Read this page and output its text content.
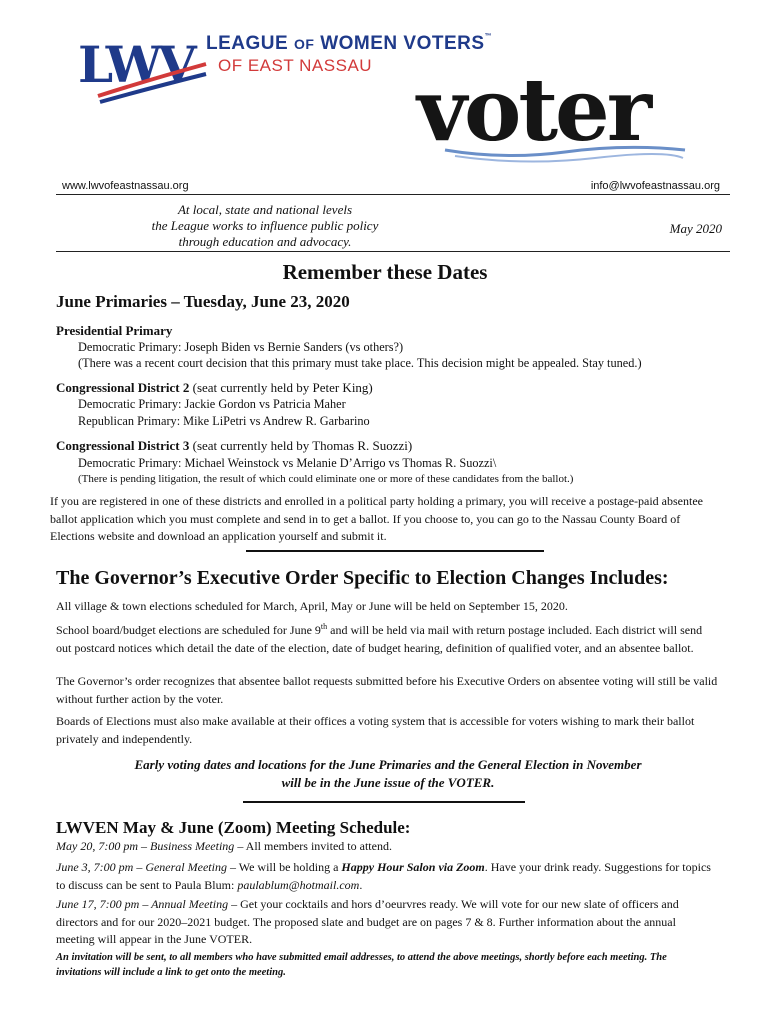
LWV LEAGUE OF WOMEN VOTERS™
OF EAST NASSAU voter
www.lwvofeastnassau.org	info@lwvofeastnassau.org
At local, state and national levels
the League works to influence public policy
through education and advocacy.
May 2020
Remember these Dates
June Primaries – Tuesday, June 23, 2020
Presidential Primary
Democratic Primary: Joseph Biden vs Bernie Sanders (vs others?)
(There was a recent court decision that this primary must take place. This decision might be appealed. Stay tuned.)
Congressional District 2 (seat currently held by Peter King)
Democratic Primary: Jackie Gordon vs Patricia Maher
Republican Primary: Mike LiPetri vs Andrew R. Garbarino
Congressional District 3 (seat currently held by Thomas R. Suozzi)
Democratic Primary: Michael Weinstock vs Melanie D’Arrigo vs Thomas R. Suozzi\
(There is pending litigation, the result of which could eliminate one or more of these candidates from the ballot.)
If you are registered in one of these districts and enrolled in a political party holding a primary, you will receive a postage-paid absentee ballot application which you must complete and send in to get a ballot. If you choose to, you can go to the Nassau County Board of Elections website and download an application yourself and submit it.
The Governor’s Executive Order Specific to Election Changes Includes:
All village & town elections scheduled for March, April, May or June will be held on September 15, 2020.
School board/budget elections are scheduled for June 9th and will be held via mail with return postage included. Each district will send out postcard notices which detail the date of the election, date of budget hearing, definition of qualified voter, and an absentee ballot.
The Governor’s order recognizes that absentee ballot requests submitted before his Executive Orders on absentee voting will still be valid without further action by the voter.
Boards of Elections must also make available at their offices a voting system that is accessible for voters wishing to mark their ballot privately and independently.
Early voting dates and locations for the June Primaries and the General Election in November
will be in the June issue of the VOTER.
LWVEN May & June (Zoom) Meeting Schedule:
May 20, 7:00 pm – Business Meeting – All members invited to attend.
June 3, 7:00 pm – General Meeting – We will be holding a Happy Hour Salon via Zoom. Have your drink ready. Suggestions for topics to discuss can be sent to Paula Blum: paulablum@hotmail.com.
June 17, 7:00 pm – Annual Meeting – Get your cocktails and hors d’oeurvres ready. We will vote for our new slate of officers and directors and for our 2020–2021 budget. The proposed slate and budget are on pages 7 & 8. Further information about the annual meeting will appear in the June VOTER.
An invitation will be sent, to all members who have submitted email addresses, to attend the above meetings, shortly before each meeting. The invitations will include a link to get onto the meeting.
